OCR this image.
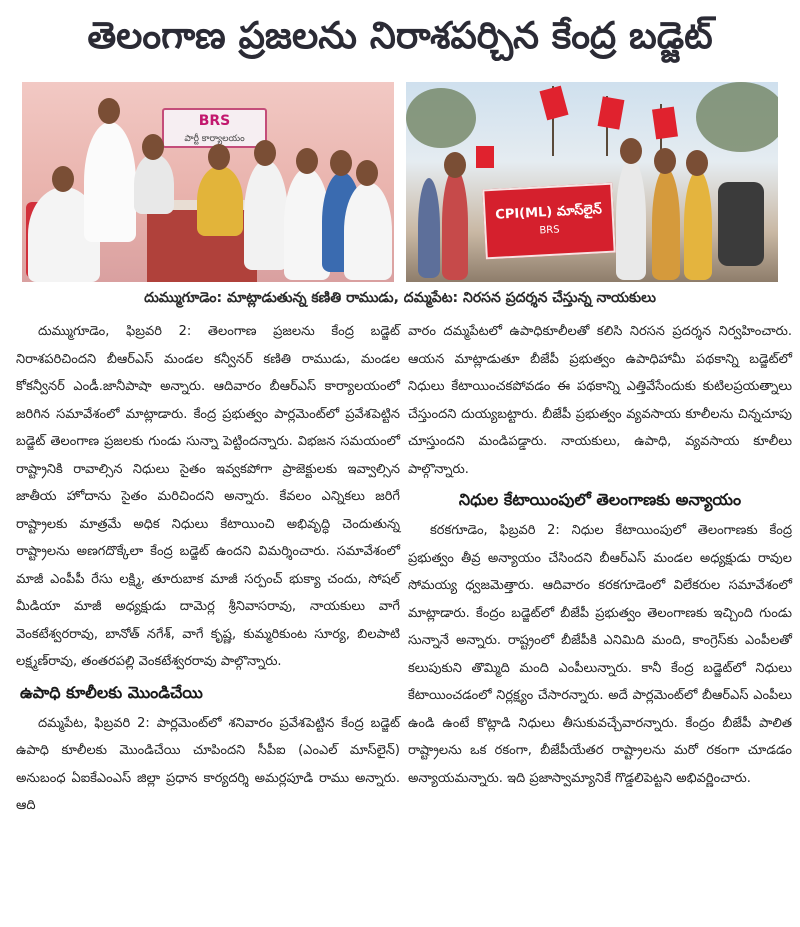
తెలంగాణ ప్రజలను నిరాశపర్చిన కేంద్ర బడ్జెట్
BRS
పార్టీ కార్యాలయం
CPI(ML) మాస్‌లైన్
BRS
దుమ్ముగూడెం: మాట్లాడుతున్న కణితి రాముడు, దమ్మపేట: నిరసన ప్రదర్శన చేస్తున్న నాయకులు

దుమ్ముగూడెం, ఫిబ్రవరి 2: తెలంగాణ ప్రజలను కేంద్ర బడ్జెట్ నిరాశపరిచిందని బీఆర్ఎస్ మండల కన్వీనర్ కణితి రాముడు, మండల కోకన్వీనర్ ఎండీ.జానీపాషా అన్నారు. ఆదివారం బీఆర్ఎస్ కార్యాలయంలో జరిగిన సమావేశంలో మాట్లాడారు. కేంద్ర ప్రభుత్వం పార్లమెంట్‌లో ప్రవేశపెట్టిన బడ్జెట్ తెలంగాణ ప్రజలకు గుండు సున్నా పెట్టిందన్నారు. విభజన సమయంలో రాష్ట్రానికి రావాల్సిన నిధులు సైతం ఇవ్వకపోగా ప్రాజెక్టులకు ఇవ్వాల్సిన జాతీయ హోదాను సైతం మరిచిందని అన్నారు. కేవలం ఎన్నికలు జరిగే రాష్ట్రాలకు మాత్రమే అధిక నిధులు కేటాయించి అభివృద్ధి చెందుతున్న రాష్ట్రాలను అణగదొక్కేలా కేంద్ర బడ్జెట్ ఉందని విమర్శించారు. సమావేశంలో మాజీ ఎంపీపీ రేసు లక్ష్మి, తూరుబాక మాజీ సర్పంచ్ భుక్యా చందు, సోషల్ మీడియా మాజీ అధ్యక్షుడు దామెర్ల శ్రీనివాసరావు, నాయకులు వాగే వెంకటేశ్వరరావు, బానోత్ నగేశ్, వాగే కృష్ణ, కుమ్మరికుంట సూర్య, బిలపాటి లక్ష్మణ్‌రావు, తంతరపల్లి వెంకటేశ్వరరావు పాల్గొన్నారు.

ఉపాధి కూలీలకు మొండిచేయి

దమ్మపేట, ఫిబ్రవరి 2: పార్లమెంట్‌లో శనివారం ప్రవేశపెట్టిన కేంద్ర బడ్జెట్ ఉపాధి కూలీలకు మొండిచేయి చూపిందని సీపీఐ (ఎంఎల్ మాస్‌లైన్) అనుబంధ ఏఐకేఎంఎస్ జిల్లా ప్రధాన కార్యదర్శి అమర్లపూడి రాము అన్నారు. ఆది

వారం దమ్మపేటలో ఉపాధికూలీలతో కలిసి నిరసన ప్రదర్శన నిర్వహించారు. ఆయన మాట్లాడుతూ బీజేపీ ప్రభుత్వం ఉపాధిహామీ పథకాన్ని బడ్జెట్‌లో నిధులు కేటాయించకపోవడం ఈ పథకాన్ని ఎత్తివేసేందుకు కుటిలప్రయత్నాలు చేస్తుందని దుయ్యబట్టారు. బీజేపీ ప్రభుత్వం వ్యవసాయ కూలీలను చిన్నచూపు చూస్తుందని మండిపడ్డారు. నాయకులు, ఉపాధి, వ్యవసాయ కూలీలు పాల్గొన్నారు.

నిధుల కేటాయింపులో తెలంగాణకు అన్యాయం

కరకగూడెం, ఫిబ్రవరి 2: నిధుల కేటాయింపులో తెలంగాణకు కేంద్ర ప్రభుత్వం తీవ్ర అన్యాయం చేసిందని బీఆర్ఎస్ మండల అధ్యక్షుడు రావుల సోమయ్య ధ్వజమెత్తారు. ఆదివారం కరకగూడెంలో విలేకరుల సమావేశంలో మాట్లాడారు. కేంద్రం బడ్జెట్‌లో బీజేపీ ప్రభుత్వం తెలంగాణకు ఇచ్చింది గుండు సున్నానే అన్నారు. రాష్ట్రంలో బీజేపీకి ఎనిమిది మంది, కాంగ్రెస్‌కు ఎంపీలతో కలుపుకుని తొమ్మిది మంది ఎంపీలున్నారు. కానీ కేంద్ర బడ్జెట్‌లో నిధులు కేటాయించడంలో నిర్లక్ష్యం చేసారన్నారు. అదే పార్లమెంట్‌లో బీఆర్ఎస్ ఎంపీలు ఉండి ఉంటే కొట్లాడి నిధులు తీసుకువచ్చేవారన్నారు. కేంద్రం బీజేపీ పాలిత రాష్ట్రాలను ఒక రకంగా, బీజేపీయేతర రాష్ట్రాలను మరో రకంగా చూడడం అన్యాయమన్నారు. ఇది ప్రజాస్వామ్యానికే గొడ్డలిపెట్టని అభివర్ణించారు.
